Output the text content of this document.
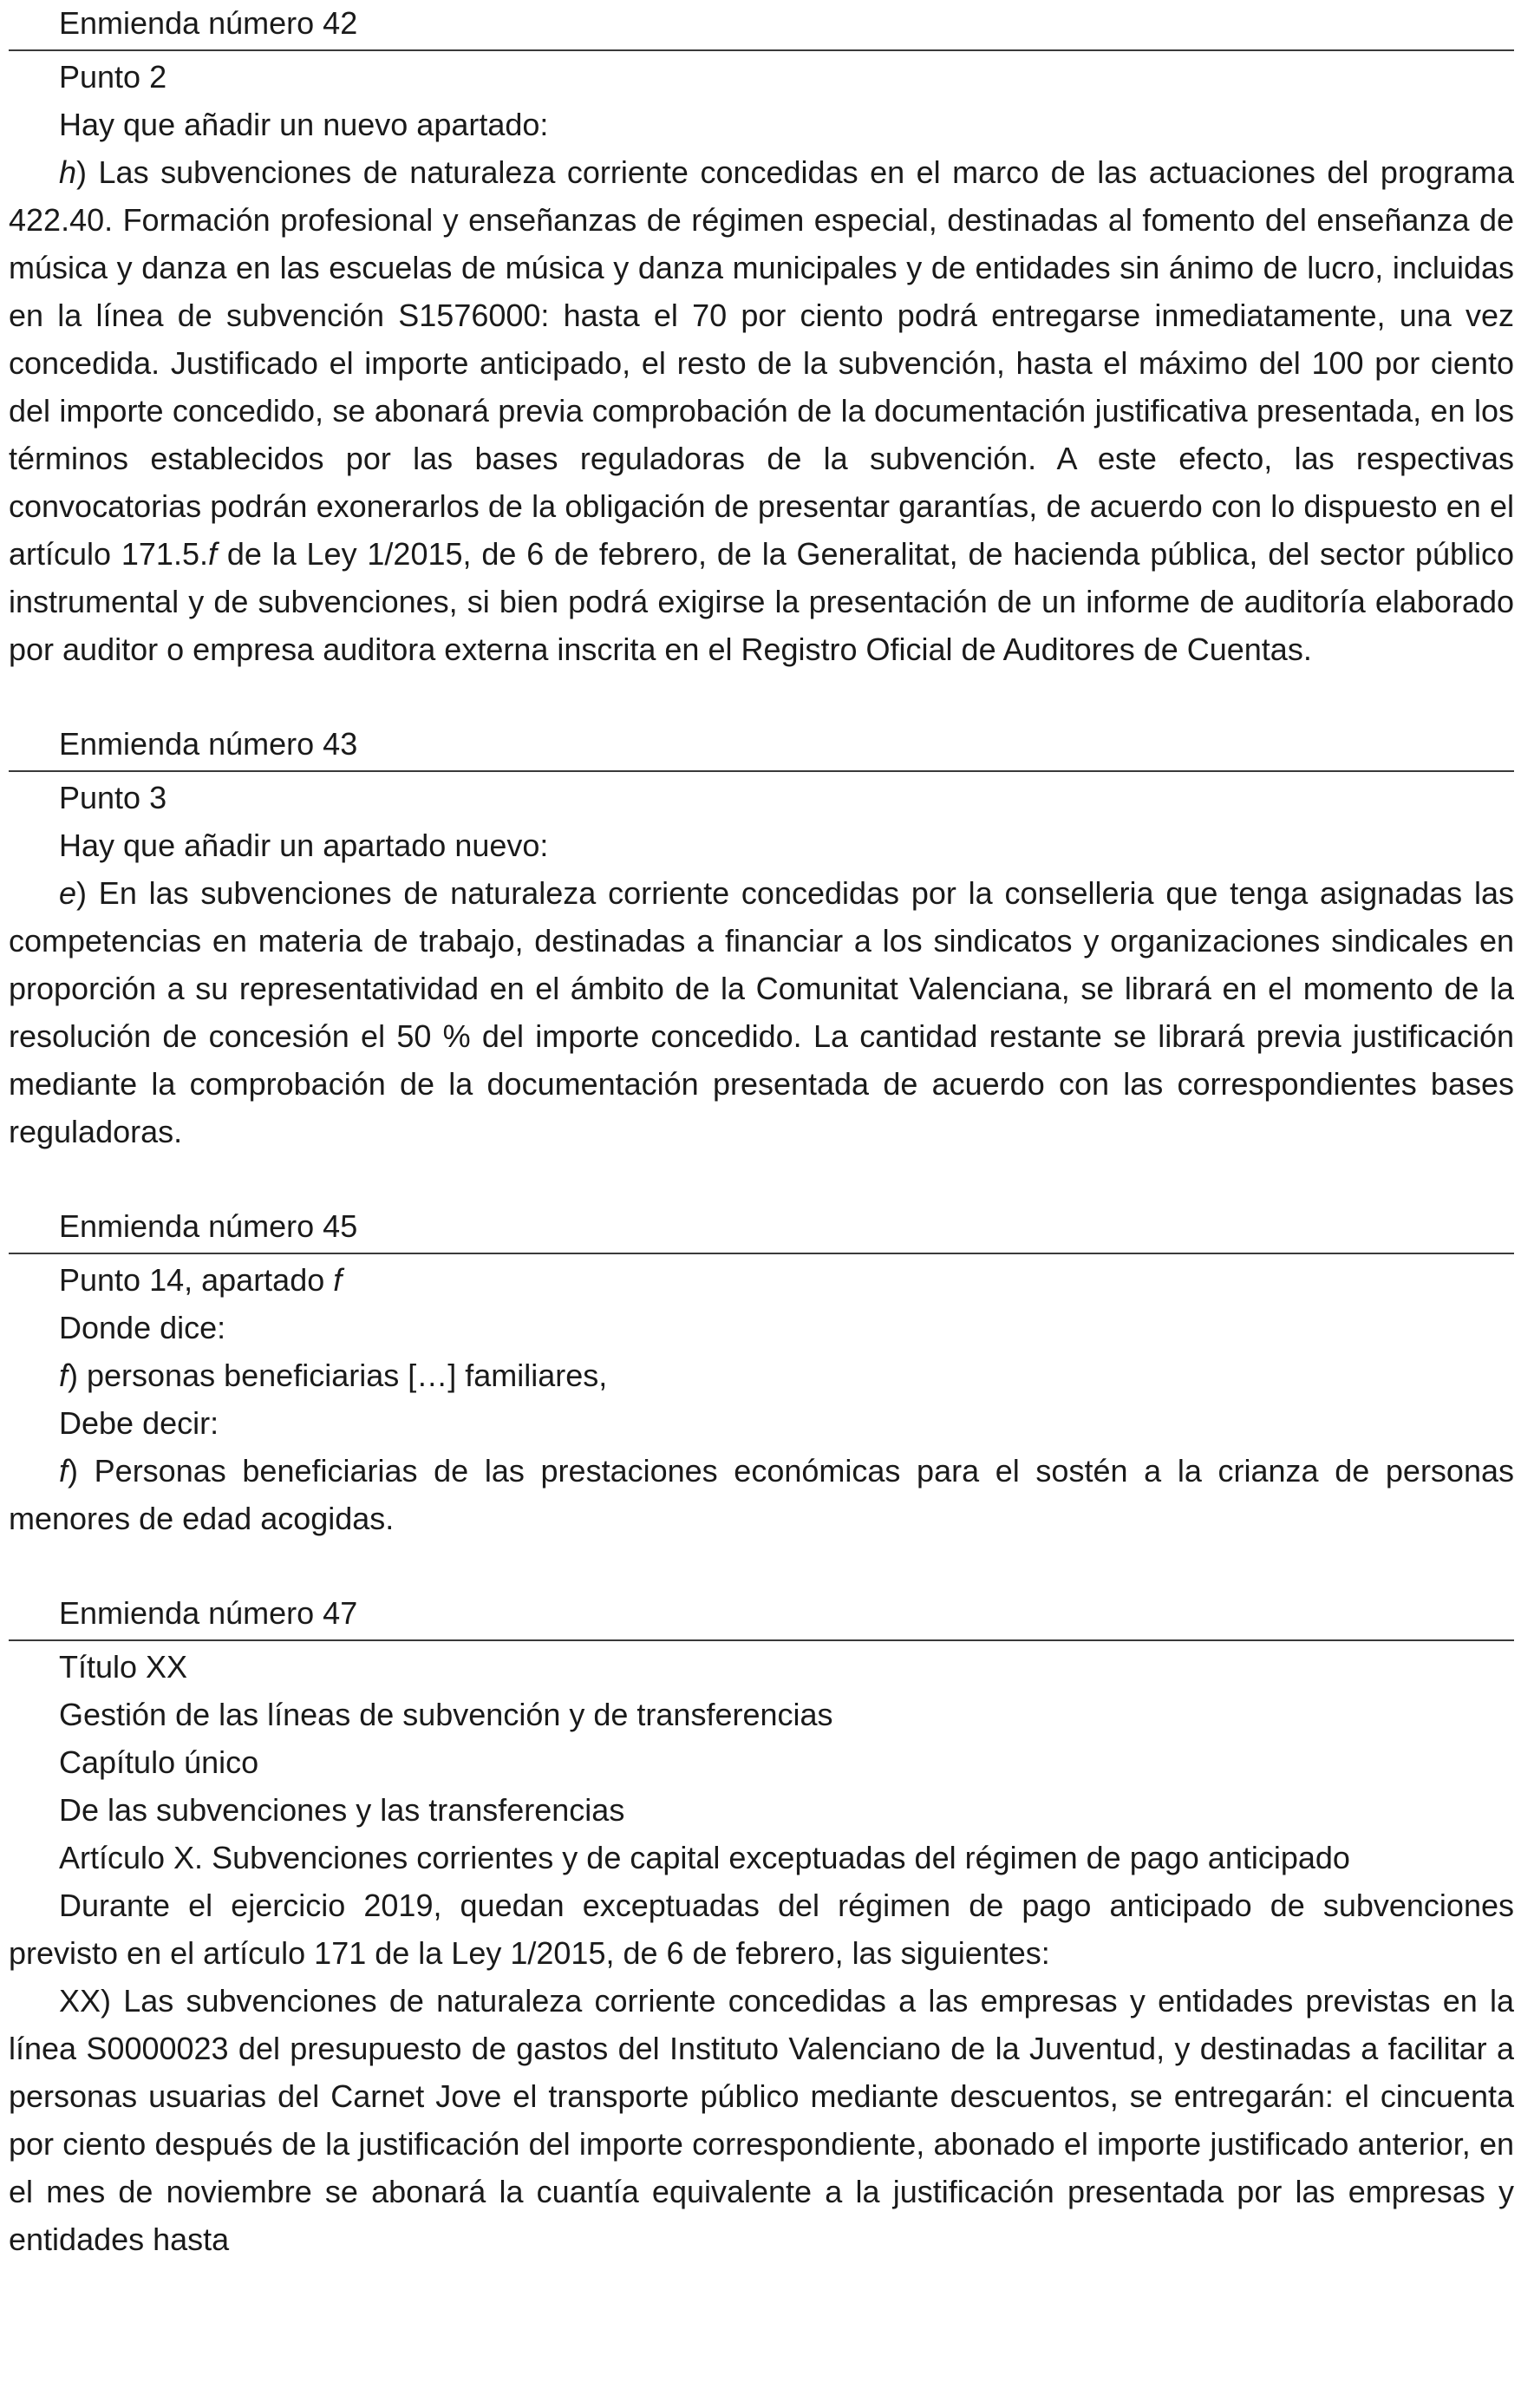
Enmienda número 42

Punto 2

Hay que añadir un nuevo apartado:

h) Las subvenciones de naturaleza corriente concedidas en el marco de las actuaciones del programa 422.40. Formación profesional y enseñanzas de régimen especial, destinadas al fomento del enseñanza de música y danza en las escuelas de música y danza municipales y de entidades sin ánimo de lucro, incluidas en la línea de subvención S1576000: hasta el 70 por ciento podrá entregarse inmediatamente, una vez concedida. Justificado el importe anticipado, el resto de la subvención, hasta el máximo del 100 por ciento del importe concedido, se abonará previa comprobación de la documentación justificativa presentada, en los términos establecidos por las bases reguladoras de la subvención. A este efecto, las respectivas convocatorias podrán exonerarlos de la obligación de presentar garantías, de acuerdo con lo dispuesto en el artículo 171.5.f de la Ley 1/2015, de 6 de febrero, de la Generalitat, de hacienda pública, del sector público instrumental y de subvenciones, si bien podrá exigirse la presentación de un informe de auditoría elaborado por auditor o empresa auditora externa inscrita en el Registro Oficial de Auditores de Cuentas.

Enmienda número 43

Punto 3

Hay que añadir un apartado nuevo:

e) En las subvenciones de naturaleza corriente concedidas por la conselleria que tenga asignadas las competencias en materia de trabajo, destinadas a financiar a los sindicatos y organizaciones sindicales en proporción a su representatividad en el ámbito de la Comunitat Valenciana, se librará en el momento de la resolución de concesión el 50 % del importe concedido. La cantidad restante se librará previa justificación mediante la comprobación de la documentación presentada de acuerdo con las correspondientes bases reguladoras.

Enmienda número 45

Punto 14, apartado f

Donde dice:

f) personas beneficiarias […] familiares,

Debe decir:

f) Personas beneficiarias de las prestaciones económicas para el sostén a la crianza de personas menores de edad acogidas.

Enmienda número 47

Título XX

Gestión de las líneas de subvención y de transferencias

Capítulo único

De las subvenciones y las transferencias

Artículo X. Subvenciones corrientes y de capital exceptuadas del régimen de pago anticipado

Durante el ejercicio 2019, quedan exceptuadas del régimen de pago anticipado de subvenciones previsto en el artículo 171 de la Ley 1/2015, de 6 de febrero, las siguientes:

XX) Las subvenciones de naturaleza corriente concedidas a las empresas y entidades previstas en la línea S0000023 del presupuesto de gastos del Instituto Valenciano de la Juventud, y destinadas a facilitar a personas usuarias del Carnet Jove el transporte público mediante descuentos, se entregarán: el cincuenta por ciento después de la justificación del importe correspondiente, abonado el importe justificado anterior, en el mes de noviembre se abonará la cuantía equivalente a la justificación presentada por las empresas y entidades hasta
